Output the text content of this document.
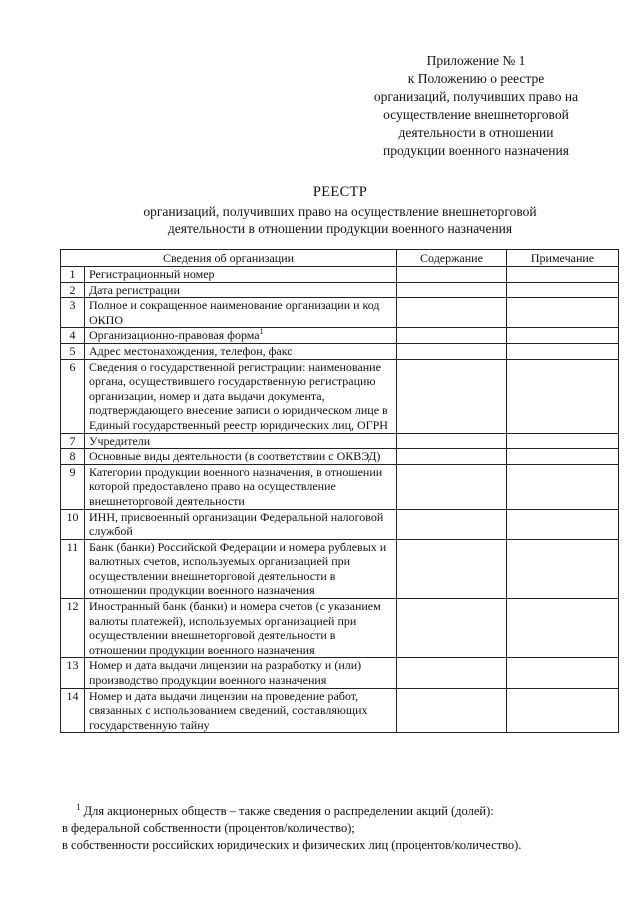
Приложение № 1
к Положению о реестре
организаций, получивших право на
осуществление внешнеторговой
деятельности в отношении
продукции военного назначения
РЕЕСТР
организаций, получивших право на осуществление внешнеторговой
деятельности в отношении продукции военного назначения
Сведения об организации		Содержание	Примечание
1	Регистрационный номер		
2	Дата регистрации		
3	Полное и сокращенное наименование организации и код ОКПО		
4	Организационно-правовая форма$^1$		
5	Адрес местонахождения, телефон, факс		
6	Сведения о государственной регистрации: наименование органа, осуществившего государственную регистрацию организации, номер и дата выдачи документа, подтверждающего внесение записи о юридическом лице в Единый государственный реестр юридических лиц, ОГРН		
7	Учредители		
8	Основные виды деятельности (в соответствии с ОКВЭД)		
9	Категории продукции военного назначения, в отношении которой предоставлено право на осуществление внешнеторговой деятельности		
10	ИНН, присвоенный организации Федеральной налоговой службой		
11	Банк (банки) Российской Федерации и номера рублевых и валютных счетов, используемых организацией при осуществлении внешнеторговой деятельности в отношении продукции военного назначения		
12	Иностранный банк (банки) и номера счетов (с указанием валюты платежей), используемых организацией при осуществлении внешнеторговой деятельности в отношении продукции военного назначения		
13	Номер и дата выдачи лицензии на разработку и (или) производство продукции военного назначения		
14	Номер и дата выдачи лицензии на проведение работ, связанных с использованием сведений, составляющих государственную тайну		
$^1$ Для акционерных обществ – также сведения о распределении акций (долей):
в федеральной собственности (процентов/количество);
в собственности российских юридических и физических лиц (процентов/количество).
